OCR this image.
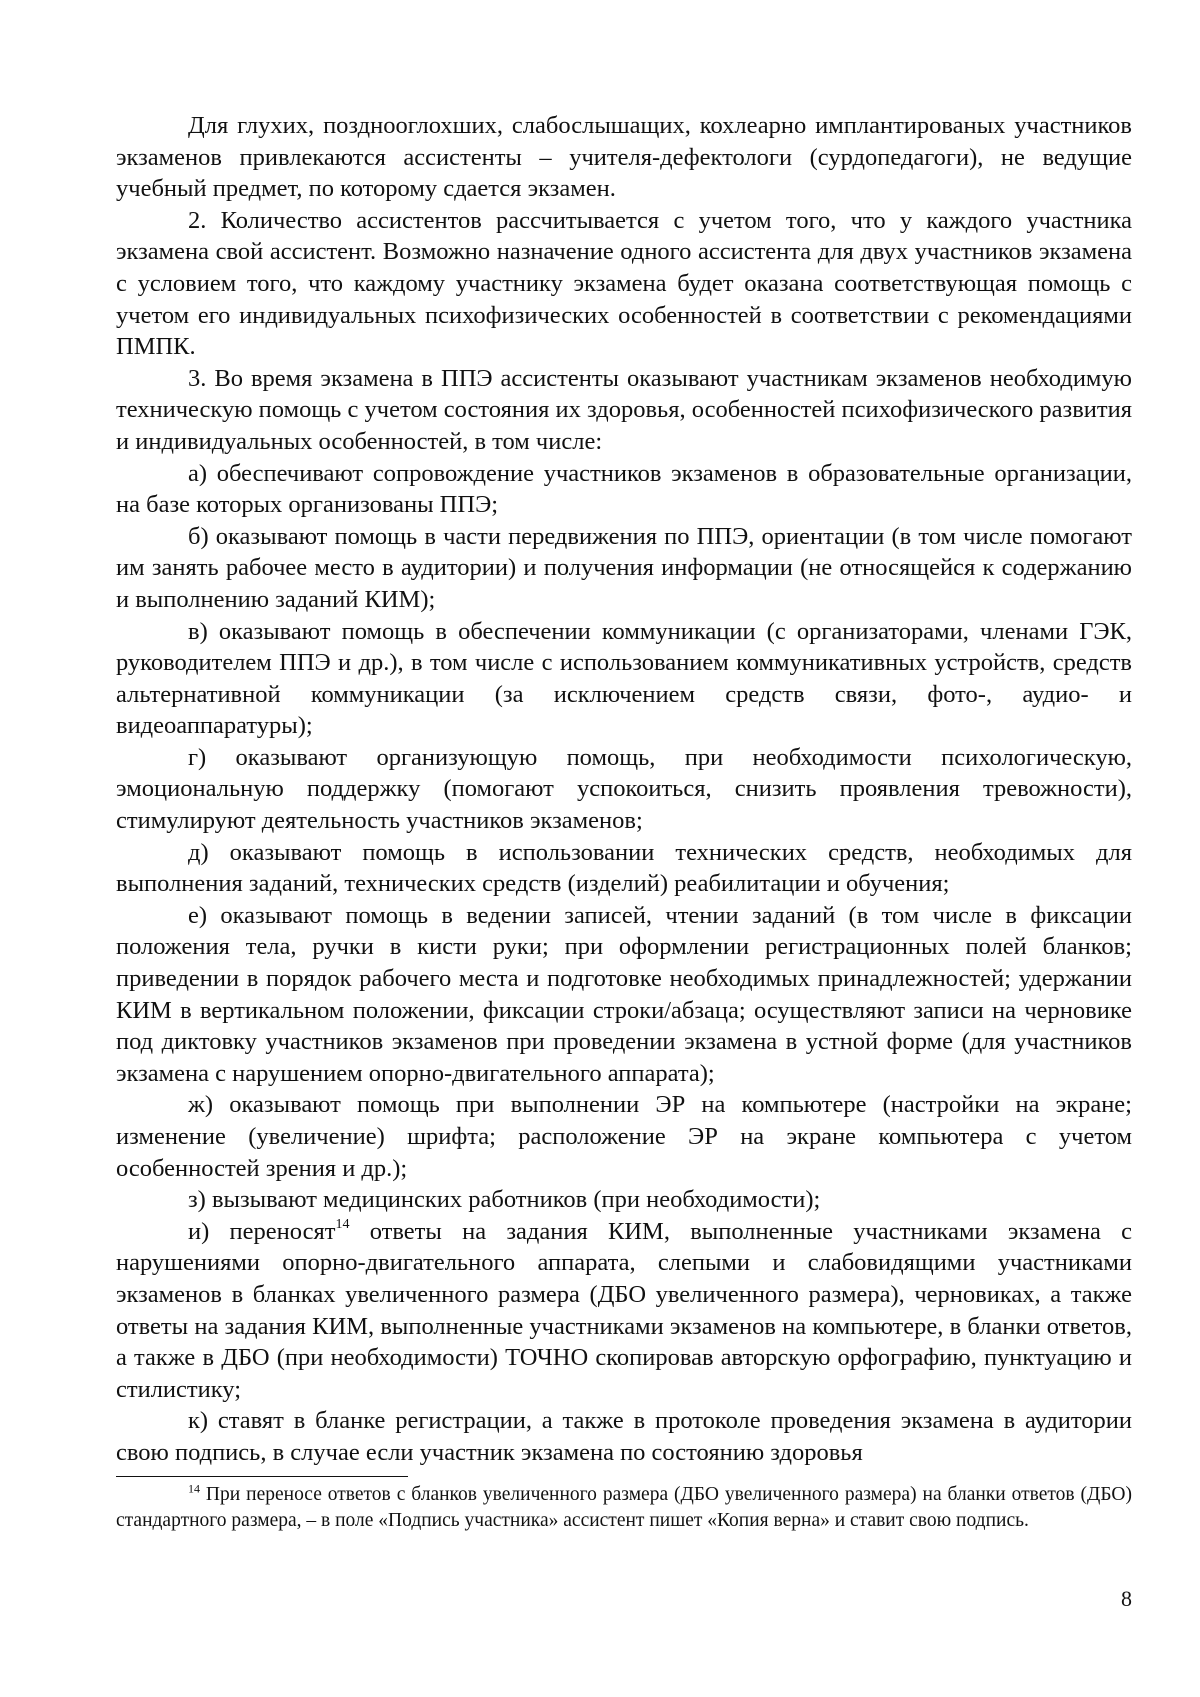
Для глухих, позднооглохших, слабослышащих, кохлеарно имплантированых участников экзаменов привлекаются ассистенты – учителя-дефектологи (сурдопедагоги), не ведущие учебный предмет, по которому сдается экзамен.

2. Количество ассистентов рассчитывается с учетом того, что у каждого участника экзамена свой ассистент. Возможно назначение одного ассистента для двух участников экзамена с условием того, что каждому участнику экзамена будет оказана соответствующая помощь с учетом его индивидуальных психофизических особенностей в соответствии с рекомендациями ПМПК.

3. Во время экзамена в ППЭ ассистенты оказывают участникам экзаменов необходимую техническую помощь с учетом состояния их здоровья, особенностей психофизического развития и индивидуальных особенностей, в том числе:

а) обеспечивают сопровождение участников экзаменов в образовательные организации, на базе которых организованы ППЭ;

б) оказывают помощь в части передвижения по ППЭ, ориентации (в том числе помогают им занять рабочее место в аудитории) и получения информации (не относящейся к содержанию и выполнению заданий КИМ);

в) оказывают помощь в обеспечении коммуникации (с организаторами, членами ГЭК, руководителем ППЭ и др.), в том числе с использованием коммуникативных устройств, средств альтернативной коммуникации (за исключением средств связи, фото-, аудио- и видеоаппаратуры);

г) оказывают организующую помощь, при необходимости психологическую, эмоциональную поддержку (помогают успокоиться, снизить проявления тревожности), стимулируют деятельность участников экзаменов;

д) оказывают помощь в использовании технических средств, необходимых для выполнения заданий, технических средств (изделий) реабилитации и обучения;

е) оказывают помощь в ведении записей, чтении заданий (в том числе в фиксации положения тела, ручки в кисти руки; при оформлении регистрационных полей бланков; приведении в порядок рабочего места и подготовке необходимых принадлежностей; удержании КИМ в вертикальном положении, фиксации строки/абзаца; осуществляют записи на черновике под диктовку участников экзаменов при проведении экзамена в устной форме (для участников экзамена с нарушением опорно-двигательного аппарата);

ж) оказывают помощь при выполнении ЭР на компьютере (настройки на экране; изменение (увеличение) шрифта; расположение ЭР на экране компьютера с учетом особенностей зрения и др.);

з) вызывают медицинских работников (при необходимости);

и) переносят$^{14}$ ответы на задания КИМ, выполненные участниками экзамена с нарушениями опорно-двигательного аппарата, слепыми и слабовидящими участниками экзаменов в бланках увеличенного размера (ДБО увеличенного размера), черновиках, а также ответы на задания КИМ, выполненные участниками экзаменов на компьютере, в бланки ответов, а также в ДБО (при необходимости) ТОЧНО скопировав авторскую орфографию, пунктуацию и стилистику;

к) ставят в бланке регистрации, а также в протоколе проведения экзамена в аудитории свою подпись, в случае если участник экзамена по состоянию здоровья

$^{14}$ При переносе ответов с бланков увеличенного размера (ДБО увеличенного размера) на бланки ответов (ДБО) стандартного размера, – в поле «Подпись участника» ассистент пишет «Копия верна» и ставит свою подпись.

8
